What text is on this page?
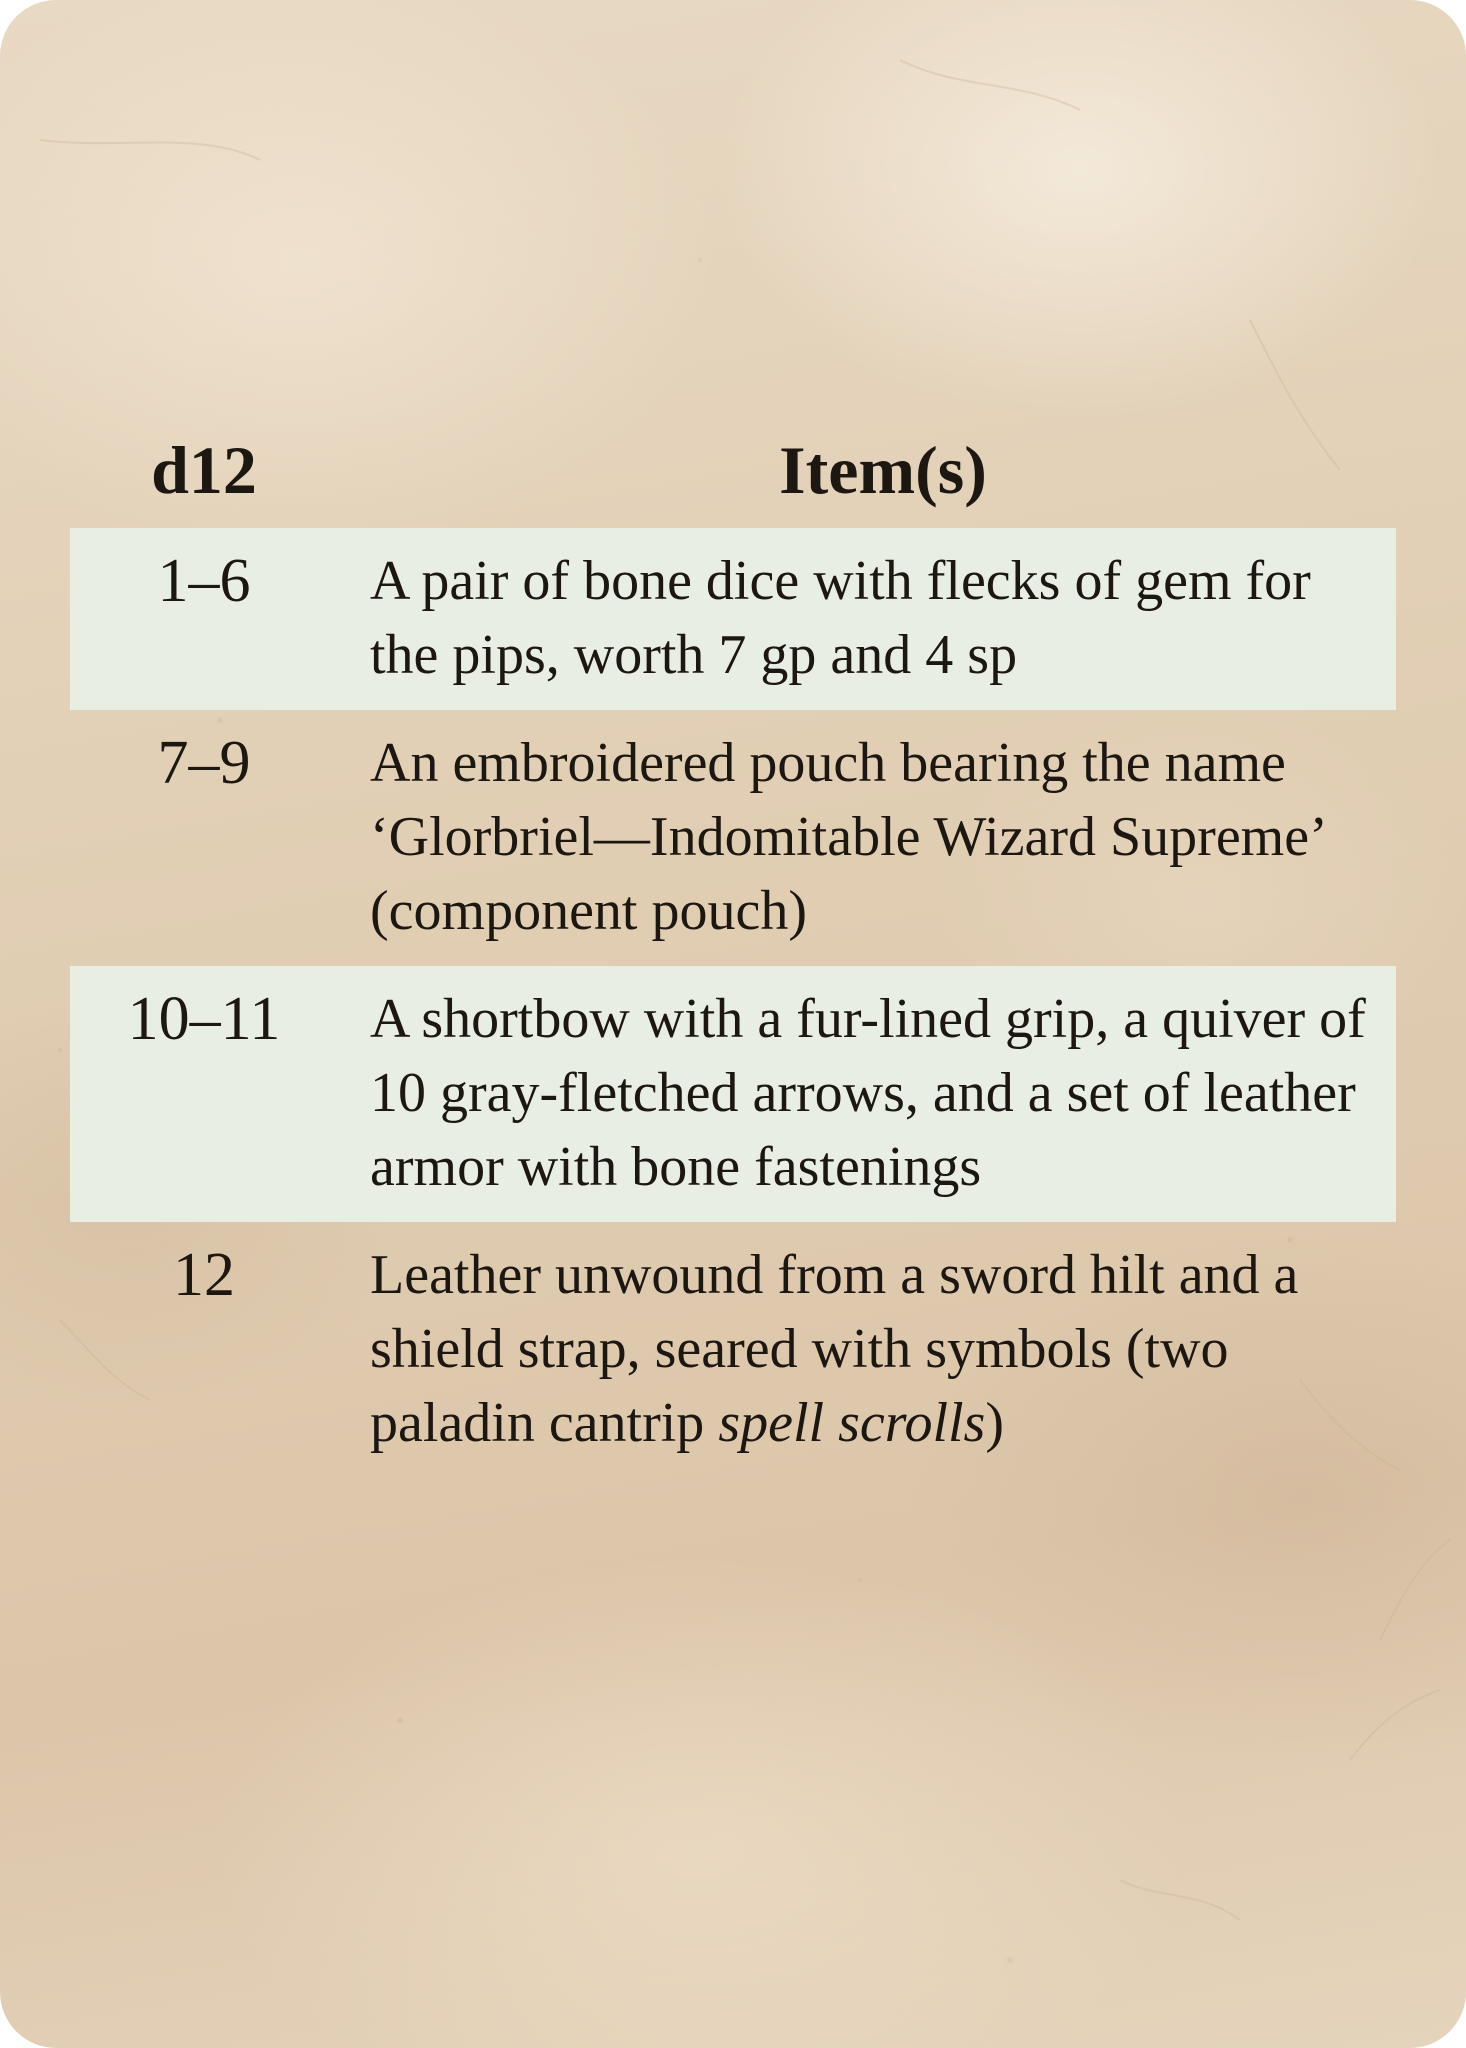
d12	Item(s)
1–6	A pair of bone dice with flecks of gem for the pips, worth 7 gp and 4 sp
7–9	An embroidered pouch bearing the name ‘Glorbriel—Indomitable Wizard Supreme’ (component pouch)
10–11	A shortbow with a fur-lined grip, a quiver of 10 gray-fletched arrows, and a set of leather armor with bone fastenings
12	Leather unwound from a sword hilt and a shield strap, seared with symbols (two paladin cantrip spell scrolls)
